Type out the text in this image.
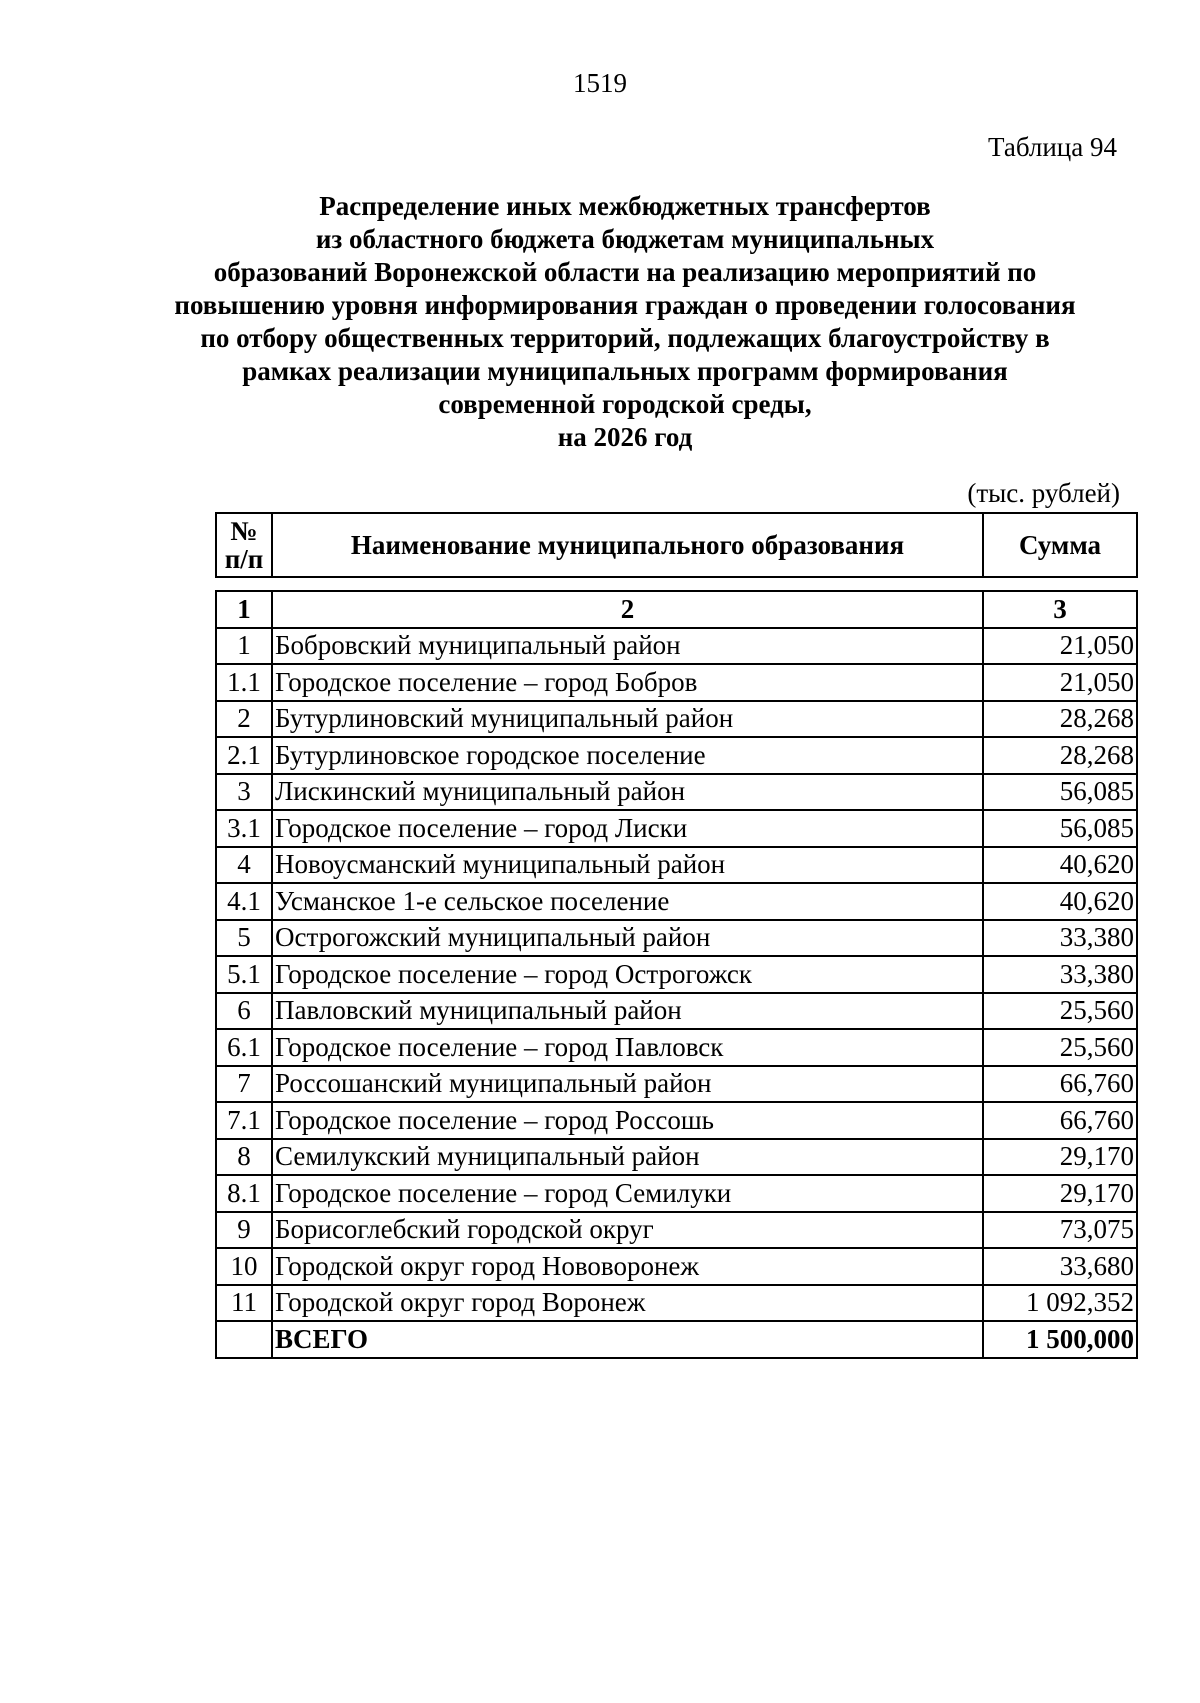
1519
Таблица 94
Распределение иных межбюджетных трансфертов
из областного бюджета бюджетам муниципальных
образований Воронежской области на реализацию мероприятий по
повышению уровня информирования граждан о проведении голосования
по отбору общественных территорий, подлежащих благоустройству в
рамках реализации муниципальных программ формирования
современной городской среды,
на 2026 год
(тыс. рублей)
№
п/п	Наименование муниципального образования	Сумма
1	2	3
1	Бобровский муниципальный район	21,050
1.1	Городское поселение – город Бобров	21,050
2	Бутурлиновский муниципальный район	28,268
2.1	Бутурлиновское городское поселение	28,268
3	Лискинский муниципальный район	56,085
3.1	Городское поселение – город Лиски	56,085
4	Новоусманский муниципальный район	40,620
4.1	Усманское 1-е сельское поселение	40,620
5	Острогожский муниципальный район	33,380
5.1	Городское поселение – город Острогожск	33,380
6	Павловский муниципальный район	25,560
6.1	Городское поселение – город Павловск	25,560
7	Россошанский муниципальный район	66,760
7.1	Городское поселение – город Россошь	66,760
8	Семилукский муниципальный район	29,170
8.1	Городское поселение – город Семилуки	29,170
9	Борисоглебский городской округ	73,075
10	Городской округ город Нововоронеж	33,680
11	Городской округ город Воронеж	1 092,352
	ВСЕГО	1 500,000
